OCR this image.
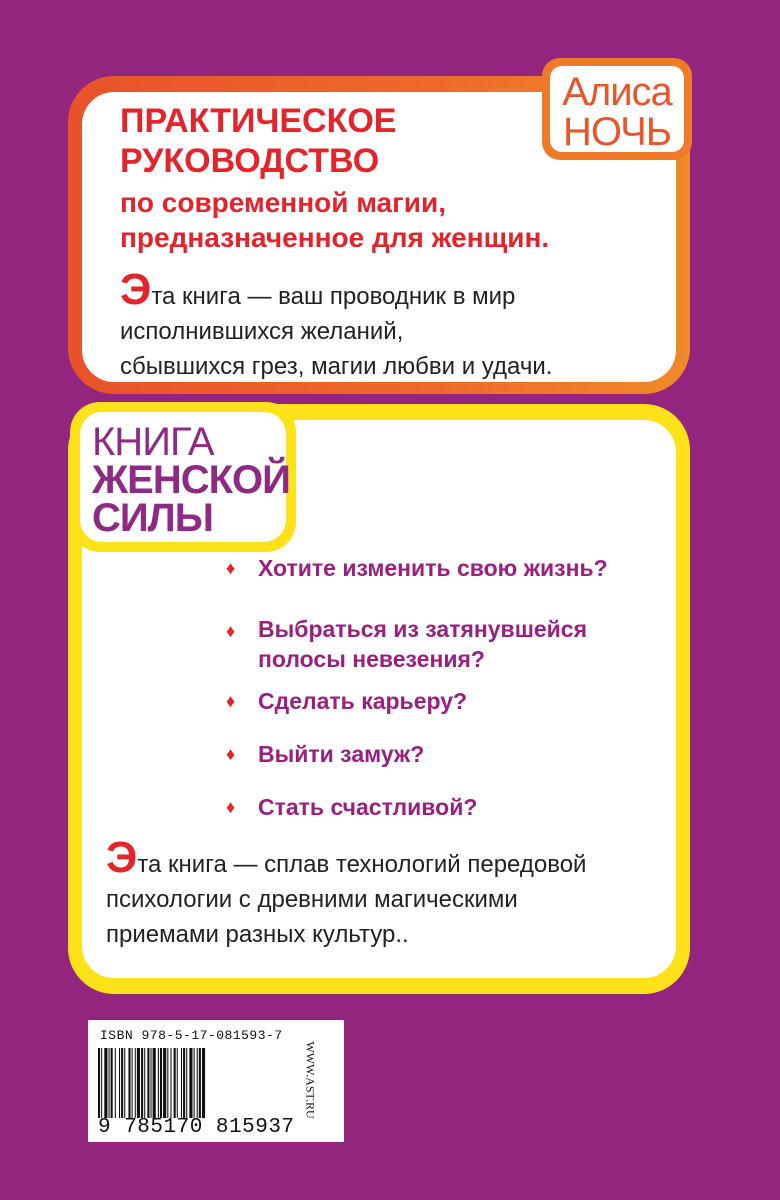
Алиса
НОЧЬ

ПРАКТИЧЕСКОЕ

РУКОВОДСТВО

по современной магии,

предназначенное для женщин.

Эта книга — ваш проводник в мир
исполнившихся желаний,
сбывшихся грез, магии любви и удачи.
КНИГА
ЖЕНСКОЙ
СИЛЫ
♦ Хотите изменить свою жизнь?

♦ Выбраться из затянувшейся

полосы невезения?

♦ Сделать карьеру?

♦ Выйти замуж?

♦ Стать счастливой?

Эта книга — сплав технологий передовой
психологии с древними магическими
приемами разных культур..
ISBN 978-5-17-081593-7
9 785170 815937
WWW.AST.RU
